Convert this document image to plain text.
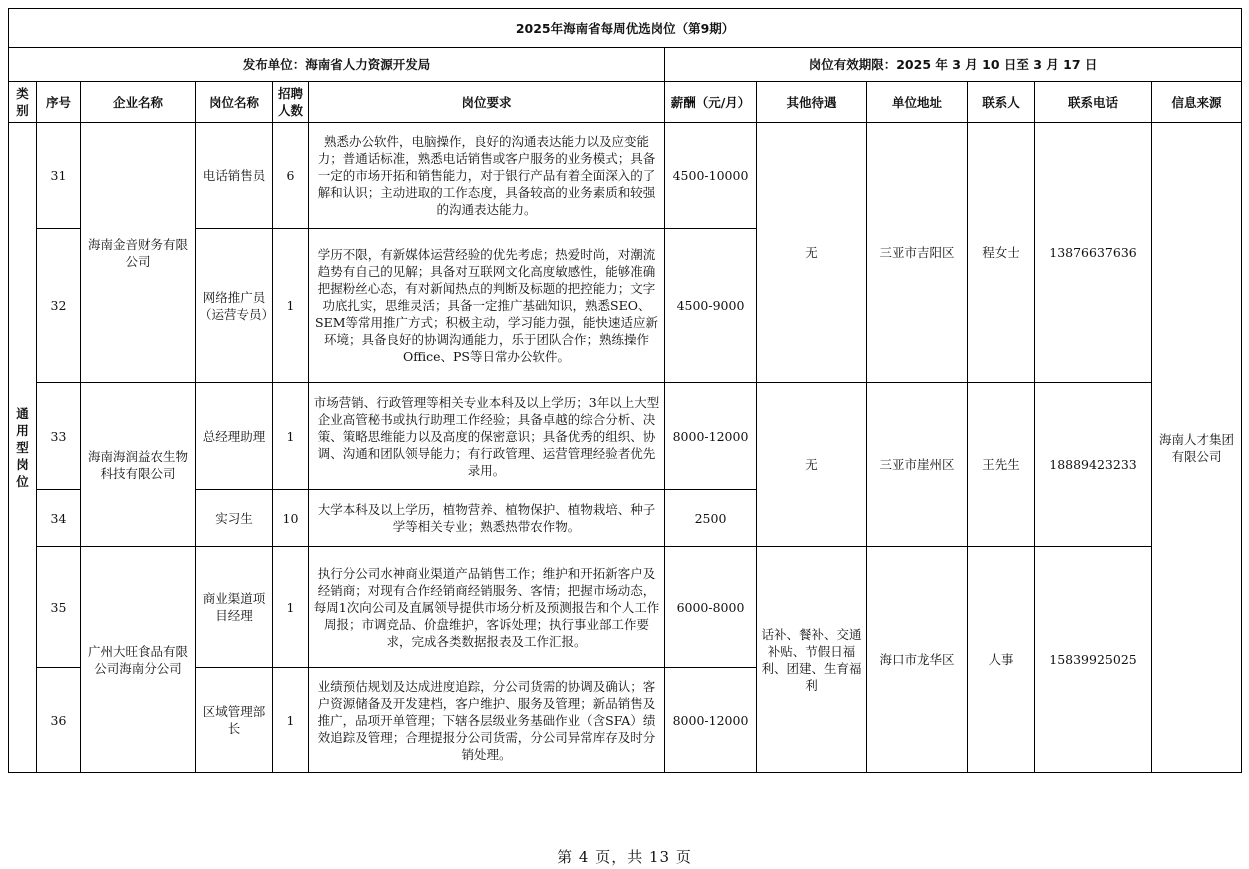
2025年海南省每周优选岗位（第9期）											
发布单位：海南省人力资源开发局						岗位有效期限：2025 年 3 月 10 日至 3 月 17 日					
类别	序号	企业名称	岗位名称	招聘人数	岗位要求	薪酬（元/月）	其他待遇	单位地址	联系人	联系电话	信息来源

通用型岗位	31	海南金音财务有限公司	电话销售员	6	熟悉办公软件，电脑操作，良好的沟通表达能力以及应变能力；普通话标准，熟悉电话销售或客户服务的业务模式；具备一定的市场开拓和销售能力，对于银行产品有着全面深入的了解和认识；主动进取的工作态度，具备较高的业务素质和较强的沟通表达能力。	4500-10000	无	三亚市吉阳区	程女士	13876637636	海南人才集团有限公司
	32		网络推广员（运营专员）	1	学历不限，有新媒体运营经验的优先考虑；热爱时尚，对潮流趋势有自己的见解；具备对互联网文化高度敏感性，能够准确把握粉丝心态，有对新闻热点的判断及标题的把控能力；文字功底扎实，思维灵活；具备一定推广基础知识，熟悉SEO、SEM等常用推广方式；积极主动，学习能力强，能快速适应新环境；具备良好的协调沟通能力，乐于团队合作；熟练操作Office、PS等日常办公软件。	4500-9000					
	33	海南海润益农生物科技有限公司	总经理助理	1	市场营销、行政管理等相关专业本科及以上学历；3年以上大型企业高管秘书或执行助理工作经验；具备卓越的综合分析、决策、策略思维能力以及高度的保密意识；具备优秀的组织、协调、沟通和团队领导能力；有行政管理、运营管理经验者优先录用。	8000-12000	无	三亚市崖州区	王先生	18889423233	
	34		实习生	10	大学本科及以上学历，植物营养、植物保护、植物栽培、种子学等相关专业；熟悉热带农作物。	2500					
	35	广州大旺食品有限公司海南分公司	商业渠道项目经理	1	执行分公司水神商业渠道产品销售工作；维护和开拓新客户及经销商；对现有合作经销商经销服务、客情；把握市场动态，每周1次向公司及直属领导提供市场分析及预测报告和个人工作周报；市调竞品、价盘维护，客诉处理；执行事业部工作要求，完成各类数据报表及工作汇报。	6000-8000	话补、餐补、交通补贴、节假日福利、团建、生育福利	海口市龙华区	人事	15839925025	
	36		区域管理部长	1	业绩预估规划及达成进度追踪，分公司货需的协调及确认；客户资源储备及开发建档，客户维护、服务及管理；新品销售及推广，品项开单管理；下辖各层级业务基础作业（含SFA）绩效追踪及管理；合理提报分公司货需，分公司异常库存及时分销处理。	8000-12000					
第 4 页，共 13 页
